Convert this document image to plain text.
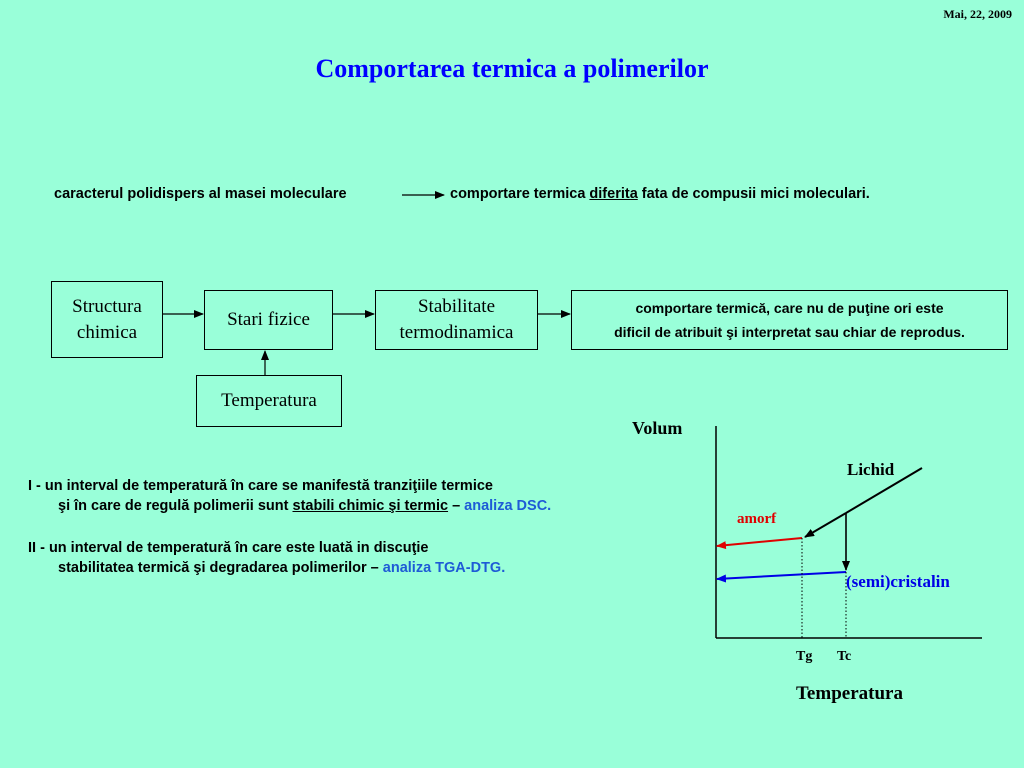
Mai, 22, 2009
Comportarea termica a polimerilor
caracterul polidispers al masei moleculare	comportare termica diferita fata de compusii mici moleculari.
Structura
chimica
Stari fizice
Stabilitate
termodinamica
comportare termică, care nu de puţine ori este
dificil de atribuit şi interpretat sau chiar de reprodus.
Temperatura
I - un interval de temperatură în care se manifestă tranziţiile termice
şi în care de regulă polimerii sunt stabili chimic şi termic – analiza DSC.
II - un interval de temperatură în care este luată in discuţie
stabilitatea termică şi degradarea polimerilor – analiza TGA-DTG.
Volum
Lichid
amorf
(semi)cristalin
Tg Tc
Temperatura
